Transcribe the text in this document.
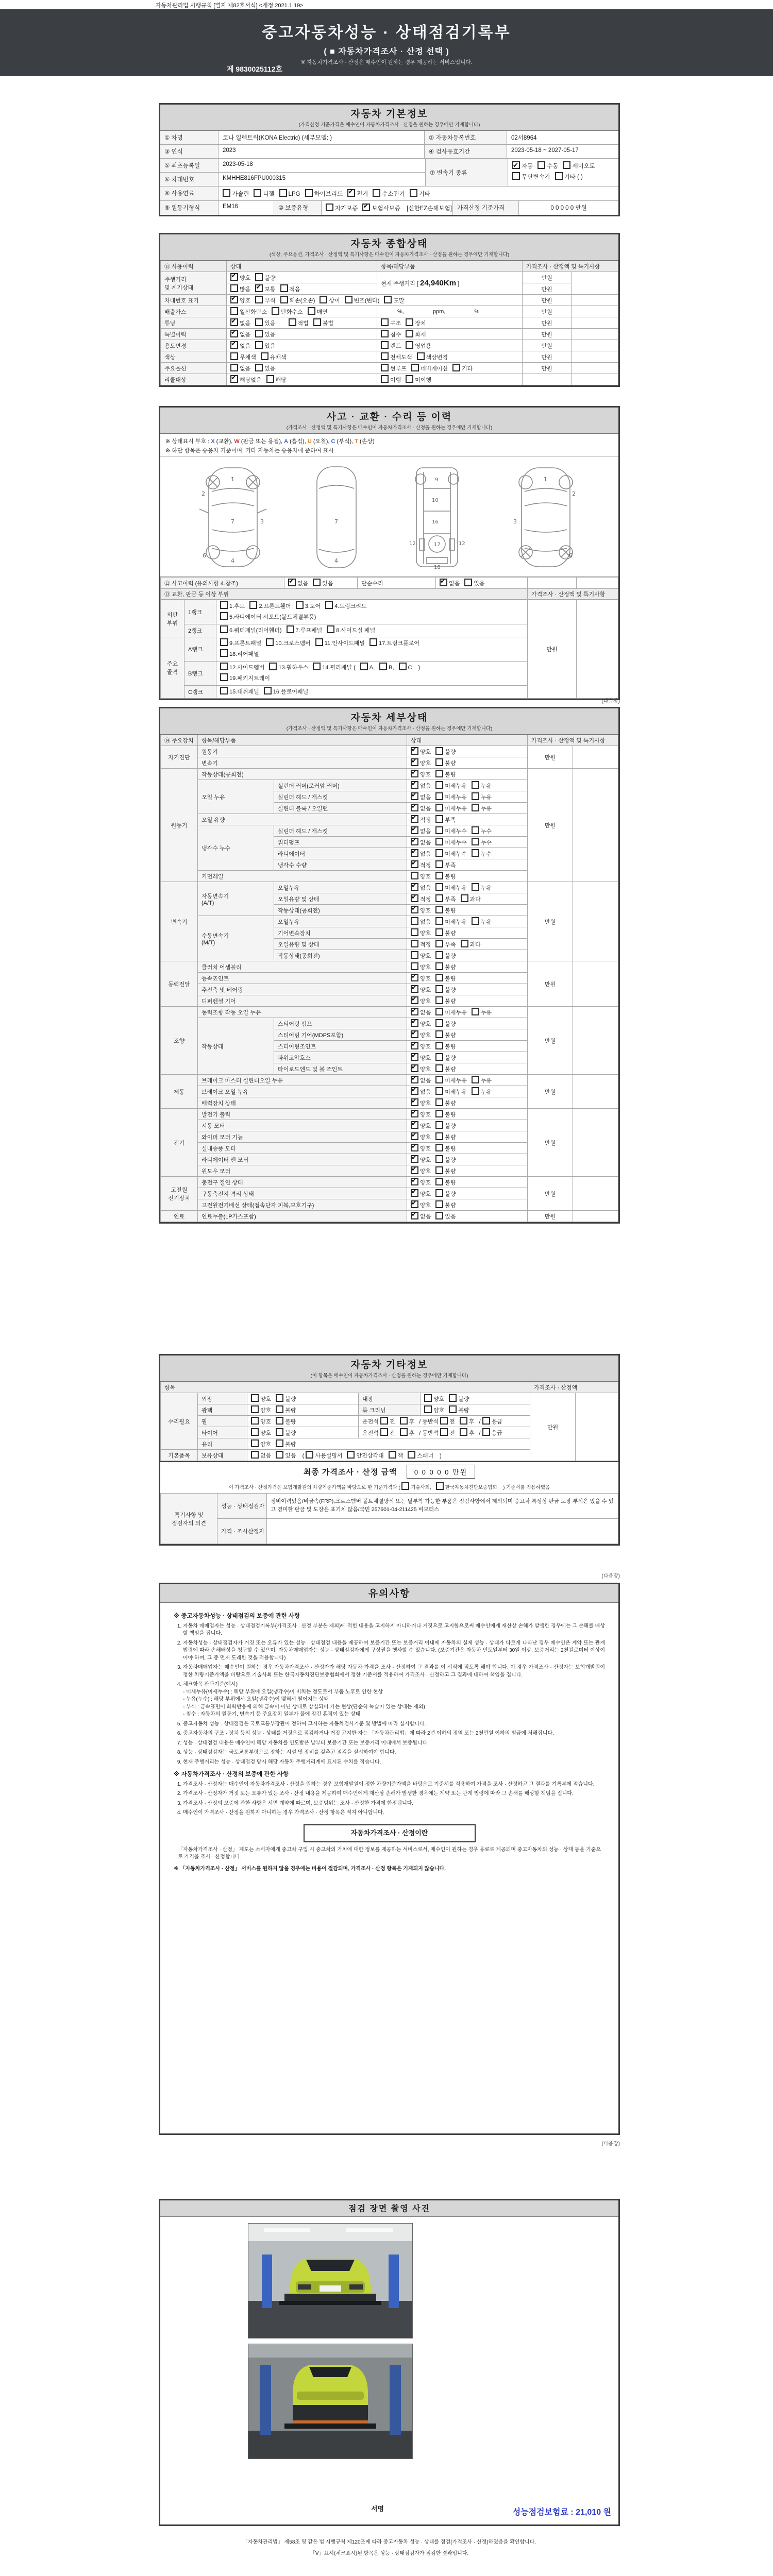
자동차관리법 시행규칙 [별지 제82호서식] <개정 2021.1.19>
중고자동차성능 · 상태점검기록부
( ■ 자동차가격조사 · 산정 선택 )
※ 자동차가격조사 · 산정은 매수인이 원하는 경우 제공하는 서비스입니다.
제 9830025112호
자동차 기본정보
(가격산정 기준가격은 매수인이 자동차가격조사 · 산정을 원하는 경우에만 기재합니다)
① 차명	코나 일렉트릭(KONA Electric) (세부모델: )	② 자동차등록번호	02서8964
③ 연식	2023	④ 검사유효기간	2023-05-18 ~ 2027-05-17
⑤ 최초등록일	2023-05-18
⑥ 차대번호	KMHHE816FPU000315
⑦ 변속기 종류
✔자동 수동 세미오토
무단변속기 기타 ( )
⑧ 사용연료	가솔린 디젤 LPG 하이브리드 ✔ 전기 수소전기 기타
⑨ 원동기형식	EM16	⑩ 보증유형	자가보증 ✔ 보험사보증 [신한EZ손해보험] 가격산정 기준가격	0 0 0 0 0 만원
자동차 종합상태
(색상, 주요옵션, 가격조사 · 산정액 및 특기사항은 매수인이 자동차가격조사 · 산정을 원하는 경우에만 기재합니다)
⑪ 사용이력	상태	항목/해당부품	가격조사 · 산정액 및 특기사항	
주행거리
및 계기상태	✔양호 불량	현재 주행거리 [ 24,940Km ]	만원	
	많음 ✔ 보통 적음		만원	
차대번호 표기	✔양호 부식 훼손(오손) 상이 변조(변타) 도말		만원	
배출가스	일산화탄소 탄화수소 매연	%, ppm, %	만원	
튜닝	✔없음 있음 적법 불법	구조 장치	만원	
특별이력	✔없음 있음	침수 화재	만원	
용도변경	✔없음 있음	렌트 영업용	만원	
색상	무채색 유채색	전체도색 색상변경	만원	
주요옵션	없음 있음	썬루프 네비게이션 기타	만원	
리콜대상	✔해당없음 해당	이행 미이행		
사고 · 교환 · 수리 등 이력
(가격조사 · 산정액 및 특기사항은 매수인이 자동차가격조사 · 산정을 원하는 경우에만 기재합니다)
※ 상태표시 부호 : X (교환), W (판금 또는 용접), A (흠집), U (요철), C (부식), T (손상)
※ 하단 항목은 승용차 기준이며, 기타 자동차는 승용차에 준하여 표시
1
2
3
7
4
6
7
4
9
10
16
12	12
17
18
1
2
3
6
⑫ 사고이력 (유의사항 4.참조)	✔없음 있음	단순수리	✔없음 있음		
⑬ 교환, 판금 등 이상 부위				가격조사 · 산정액 및 특기사항	
외판
부위	1랭크	1.후드 2.프론트휀더 3.도어 4.트렁크리드
5.라디에이터 서포트(볼트체결부품)	만원	
	2랭크	6.쿼터패널(리어휀더) 7.루프패널 8.사이드실 패널		
주요
골격	A랭크	9.프론트패널 10.크로스멤버 11.인사이드패널 17.트렁크플로어
18.리어패널		
	B랭크	12.사이드멤버 13.휠하우스 14.필러패널 ( A, B, C )
19.패키지트레이		
	C랭크	15.대쉬패널 16.플로어패널		
(다음장)
자동차 세부상태
(가격조사 · 산정액 및 특기사항은 매수인이 자동차가격조사 · 산정을 원하는 경우에만 기재합니다)
⑭ 주요장치	항목/해당부품		상태	가격조사 · 산정액 및 특기사항	
자기진단	원동기	✔양호 불량	만원	
	변속기	✔양호 불량
원동기	작동상태(공회전)	✔양호 불량	만원	
	오일 누유	실린더 커버(로커암 커버)	✔없음 미세누유 누유
		실린더 헤드 / 개스킷	✔없음 미세누유 누유
		실린더 블록 / 오일팬	✔없음 미세누유 누유
	오일 유량	✔적정 부족
	냉각수 누수	실린더 헤드 / 개스킷	✔없음 미세누수 누수
		워터펌프	✔없음 미세누수 누수
		라디에이터	✔없음 미세누수 누수
		냉각수 수량	✔적정 부족
	커먼레일		양호 불량		
변속기	자동변속기
(A/T)	오일누유	✔없음 미세누유 누유	만원	
		오일유량 및 상태	✔적정 부족 과다
		작동상태(공회전)	✔양호 불량
	수동변속기
(M/T)	오일누유	없음 미세누유 누유		
		기어변속장치	양호 불량		
		오일유량 및 상태	적정 부족 과다		
		작동상태(공회전)	양호 불량		
동력전달	클러치 어셈블리		양호 불량	만원	
	등속죠인트	✔양호 불량
	추진축 및 베어링	✔양호 불량
	디퍼렌셜 기어	✔양호 불량
조향	동력조향 작동 오일 누유	✔없음 미세누유 누유	만원	
	작동상태	스티어링 펌프	✔양호 불량
		스티어링 기어(MDPS포함)	✔양호 불량
		스티어링조인트	✔양호 불량
		파워고압호스	✔양호 불량
		타이로드엔드 및 볼 조인트	✔양호 불량
제동	브레이크 마스터 실린더오일 누유	✔없음 미세누유 누유	만원	
	브레이크 오일 누유	✔없음 미세누유 누유
	배력장치 상태	✔양호 불량
전기	발전기 출력	✔양호 불량	만원	
	시동 모터	✔양호 불량
	와이퍼 모터 기능	✔양호 불량
	실내송풍 모터	✔양호 불량
	라디에이터 팬 모터	✔양호 불량
	윈도우 모터	✔양호 불량
고전원
전기장치	충전구 절연 상태	✔양호 불량	만원	
	구동축전지 격리 상태	✔양호 불량
	고전원전기배선 상태(접속단자,피복,보호기구)	✔양호 불량
연료	연료누출(LP가스포함)	✔없음 있음	만원	
자동차 기타정보
(이 항목은 매수인이 자동차가격조사 · 산정을 원하는 경우에만 기재합니다)
항목					가격조사 · 산정액	
수리필요	외장	양호 불량	내장	양호 불량	만원	
	광택	양호 불량	룸 크리닝	양호 불량		
	휠	양호 불량	운전석 전 후 / 동반석 전 후 / 응급			
	타이어	양호 불량	운전석 전 후 / 동반석 전 후 / 응급			
	유리	양호 불량				
기본품목	보유상태	없음 있음 ( 사용설명서 안전삼각대 잭 스패너 )				
최종 가격조사 · 산정 금액	0 0 0 0 0 만원
이 가격조사 · 산정가격은 보험개발원의 차량기준가액을 바탕으로 한 기준가격과 ( 기술사회,	한국자동차진단보증협회 ) 기준서를 적용하였음
특기사항 및
점검자의 의견	성능 · 상태점검자	정비이력있음/비금속(FRP),크로스멤버 볼트체결방식 또는 탈부착 가능한 부품은 점검사항에서 제외되며 중고차 특성상 판금 도장 부식은 있을 수 있고 경미한 판금 및 도장은 표기치 않음/국민 257601-04-211425 비모터스
	가격 · 조사산정자	
(다음장)
유의사항
※ 중고자동차성능 · 상태점검의 보증에 관한 사항
1. 자동차 매매업자는 성능 · 상태점검기록부(가격조사 · 산정 부분은 제외)에 적힌 내용을 고지하지 아니하거나 거짓으로 고지함으로써 매수인에게 재산상 손해가 발생한 경우에는 그 손해를 배상할 책임을 집니다.
2. 자동차성능 · 상태점검자가 거짓 또는 오류가 있는 성능 · 상태점검 내용을 제공하여 보증기간 또는 보증거리 이내에 자동차의 실제 성능 · 상태가 다르게 나타난 경우 매수인은 계약 또는 관계 법령에 따라 손해배상을 청구할 수 있으며, 자동차매매업자는 성능 · 상태점검자에게 구상권을 행사할 수 있습니다. (보증기간은 자동차 인도일부터 30일 이상, 보증거리는 2천킬로미터 이상이어야 하며, 그 중 먼저 도래한 것을 적용합니다)
3. 자동차매매업자는 매수인이 원하는 경우 자동차가격조사 · 산정자가 해당 자동차 가격을 조사 · 산정하여 그 결과를 이 서식에 적도록 해야 합니다. 이 경우 가격조사 · 산정자는 보험개발원이 정한 차량기준가액을 바탕으로 기술사회 또는 한국자동차진단보증협회에서 정한 기준서를 적용하여 가격조사 · 산정하고 그 결과에 대하여 책임을 집니다.
4. 체크항목 판단기준(예시)
- 미세누유(미세누수) : 해당 부위에 오일(냉각수)이 비치는 정도로서 부품 노후로 인한 현상
- 누유(누수) : 해당 부위에서 오일(냉각수)이 맺혀서 떨어지는 상태
- 부식 : 금속표면이 화학반응에 의해 금속이 아닌 상태로 상실되어 가는 현상(단순히 녹슬어 있는 상태는 제외)
- 침수 : 자동차의 원동기, 변속기 등 주요장치 일부가 물에 잠긴 흔적이 있는 상태
5. 중고자동차 성능 · 상태점검은 국토교통부장관이 정하여 고시하는 자동차검사기준 및 방법에 따라 실시합니다.
6. 중고자동차의 구조 · 장치 등의 성능 · 상태를 거짓으로 점검하거나 거짓 고지한 자는 「자동차관리법」에 따라 2년 이하의 징역 또는 2천만원 이하의 벌금에 처해집니다.
7. 성능 · 상태점검 내용은 매수인이 해당 자동차를 인도받은 날부터 보증기간 또는 보증거리 이내에서 보증됩니다.
8. 성능 · 상태점검자는 국토교통부령으로 정하는 시설 및 장비를 갖추고 점검을 실시하여야 합니다.
9. 현재 주행거리는 성능 · 상태점검 당시 해당 자동차 주행거리계에 표시된 수치를 적습니다.
※ 자동차가격조사 · 산정의 보증에 관한 사항
1. 가격조사 · 산정자는 매수인이 자동차가격조사 · 산정을 원하는 경우 보험개발원이 정한 차량기준가액을 바탕으로 기준서를 적용하여 가격을 조사 · 산정하고 그 결과를 기록부에 적습니다.
2. 가격조사 · 산정자가 거짓 또는 오류가 있는 조사 · 산정 내용을 제공하여 매수인에게 재산상 손해가 발생한 경우에는 계약 또는 관계 법령에 따라 그 손해를 배상할 책임을 집니다.
3. 가격조사 · 산정의 보증에 관한 사항은 서면 계약에 따르며, 보증범위는 조사 · 산정한 가격에 한정됩니다.
4. 매수인이 가격조사 · 산정을 원하지 아니하는 경우 가격조사 · 산정 항목은 적지 아니합니다.
자동차가격조사 · 산정이란
「자동차가격조사 · 산정」 제도는 소비자에게 중고차 구입 시 중고차의 가치에 대한 정보를 제공하는 서비스로서, 매수인이 원하는 경우 유료로 제공되며 중고자동차의 성능 · 상태 등을 기준으로 가격을 조사 · 산정합니다.
※ 「자동차가격조사 · 산정」 서비스를 원하지 않을 경우에는 비용이 절감되며, 가격조사 · 산정 항목은 기재되지 않습니다.
(다음장)
점검 장면 촬영 사진
서명	성능점검보험료 : 21,010 원
「자동차관리법」 제58조 및 같은 법 시행규칙 제120조에 따라 중고자동차 성능 · 상태를 점검(가격조사 · 산정)하였음을 확인합니다.
「Ⅴ」표시(체크표시)된 항목은 성능 · 상태점검자가 점검한 결과입니다.
